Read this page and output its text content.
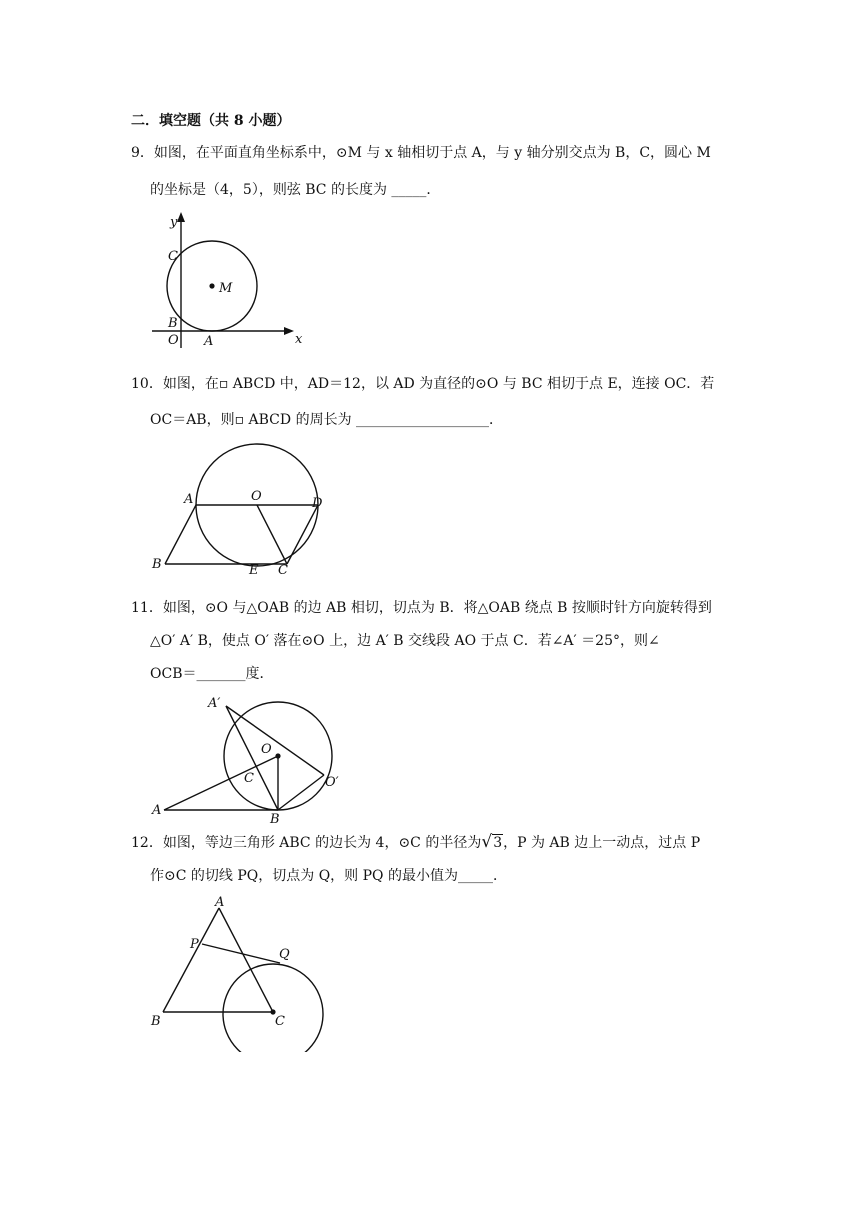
二．填空题（共 8 小题）
9．如图，在平面直角坐标系中，⊙M 与 x 轴相切于点 A，与 y 轴分别交点为 B，C，圆心 M
的坐标是（4，5），则弦 BC 的长度为 _____．
y
x
C
M
B
O A
10．如图，在▫ ABCD 中，AD＝12，以 AD 为直径的⊙O 与 BC 相切于点 E，连接 OC．若
OC＝AB，则▫ ABCD 的周长为 ___________________．
A	O	D
B	E C
11．如图，⊙O 与△OAB 的边 AB 相切，切点为 B．将△OAB 绕点 B 按顺时针方向旋转得到
△O′ A′ B，使点 O′ 落在⊙O 上，边 A′ B 交线段 AO 于点 C．若∠A′ ＝25°，则∠
OCB＝_______度．
A′
O
C	O′
A
B
12．如图，等边三角形 ABC 的边长为 4，⊙C 的半径为√3，P 为 AB 边上一动点，过点 P
作⊙C 的切线 PQ，切点为 Q，则 PQ 的最小值为_____．
A
P
Q
B	C
